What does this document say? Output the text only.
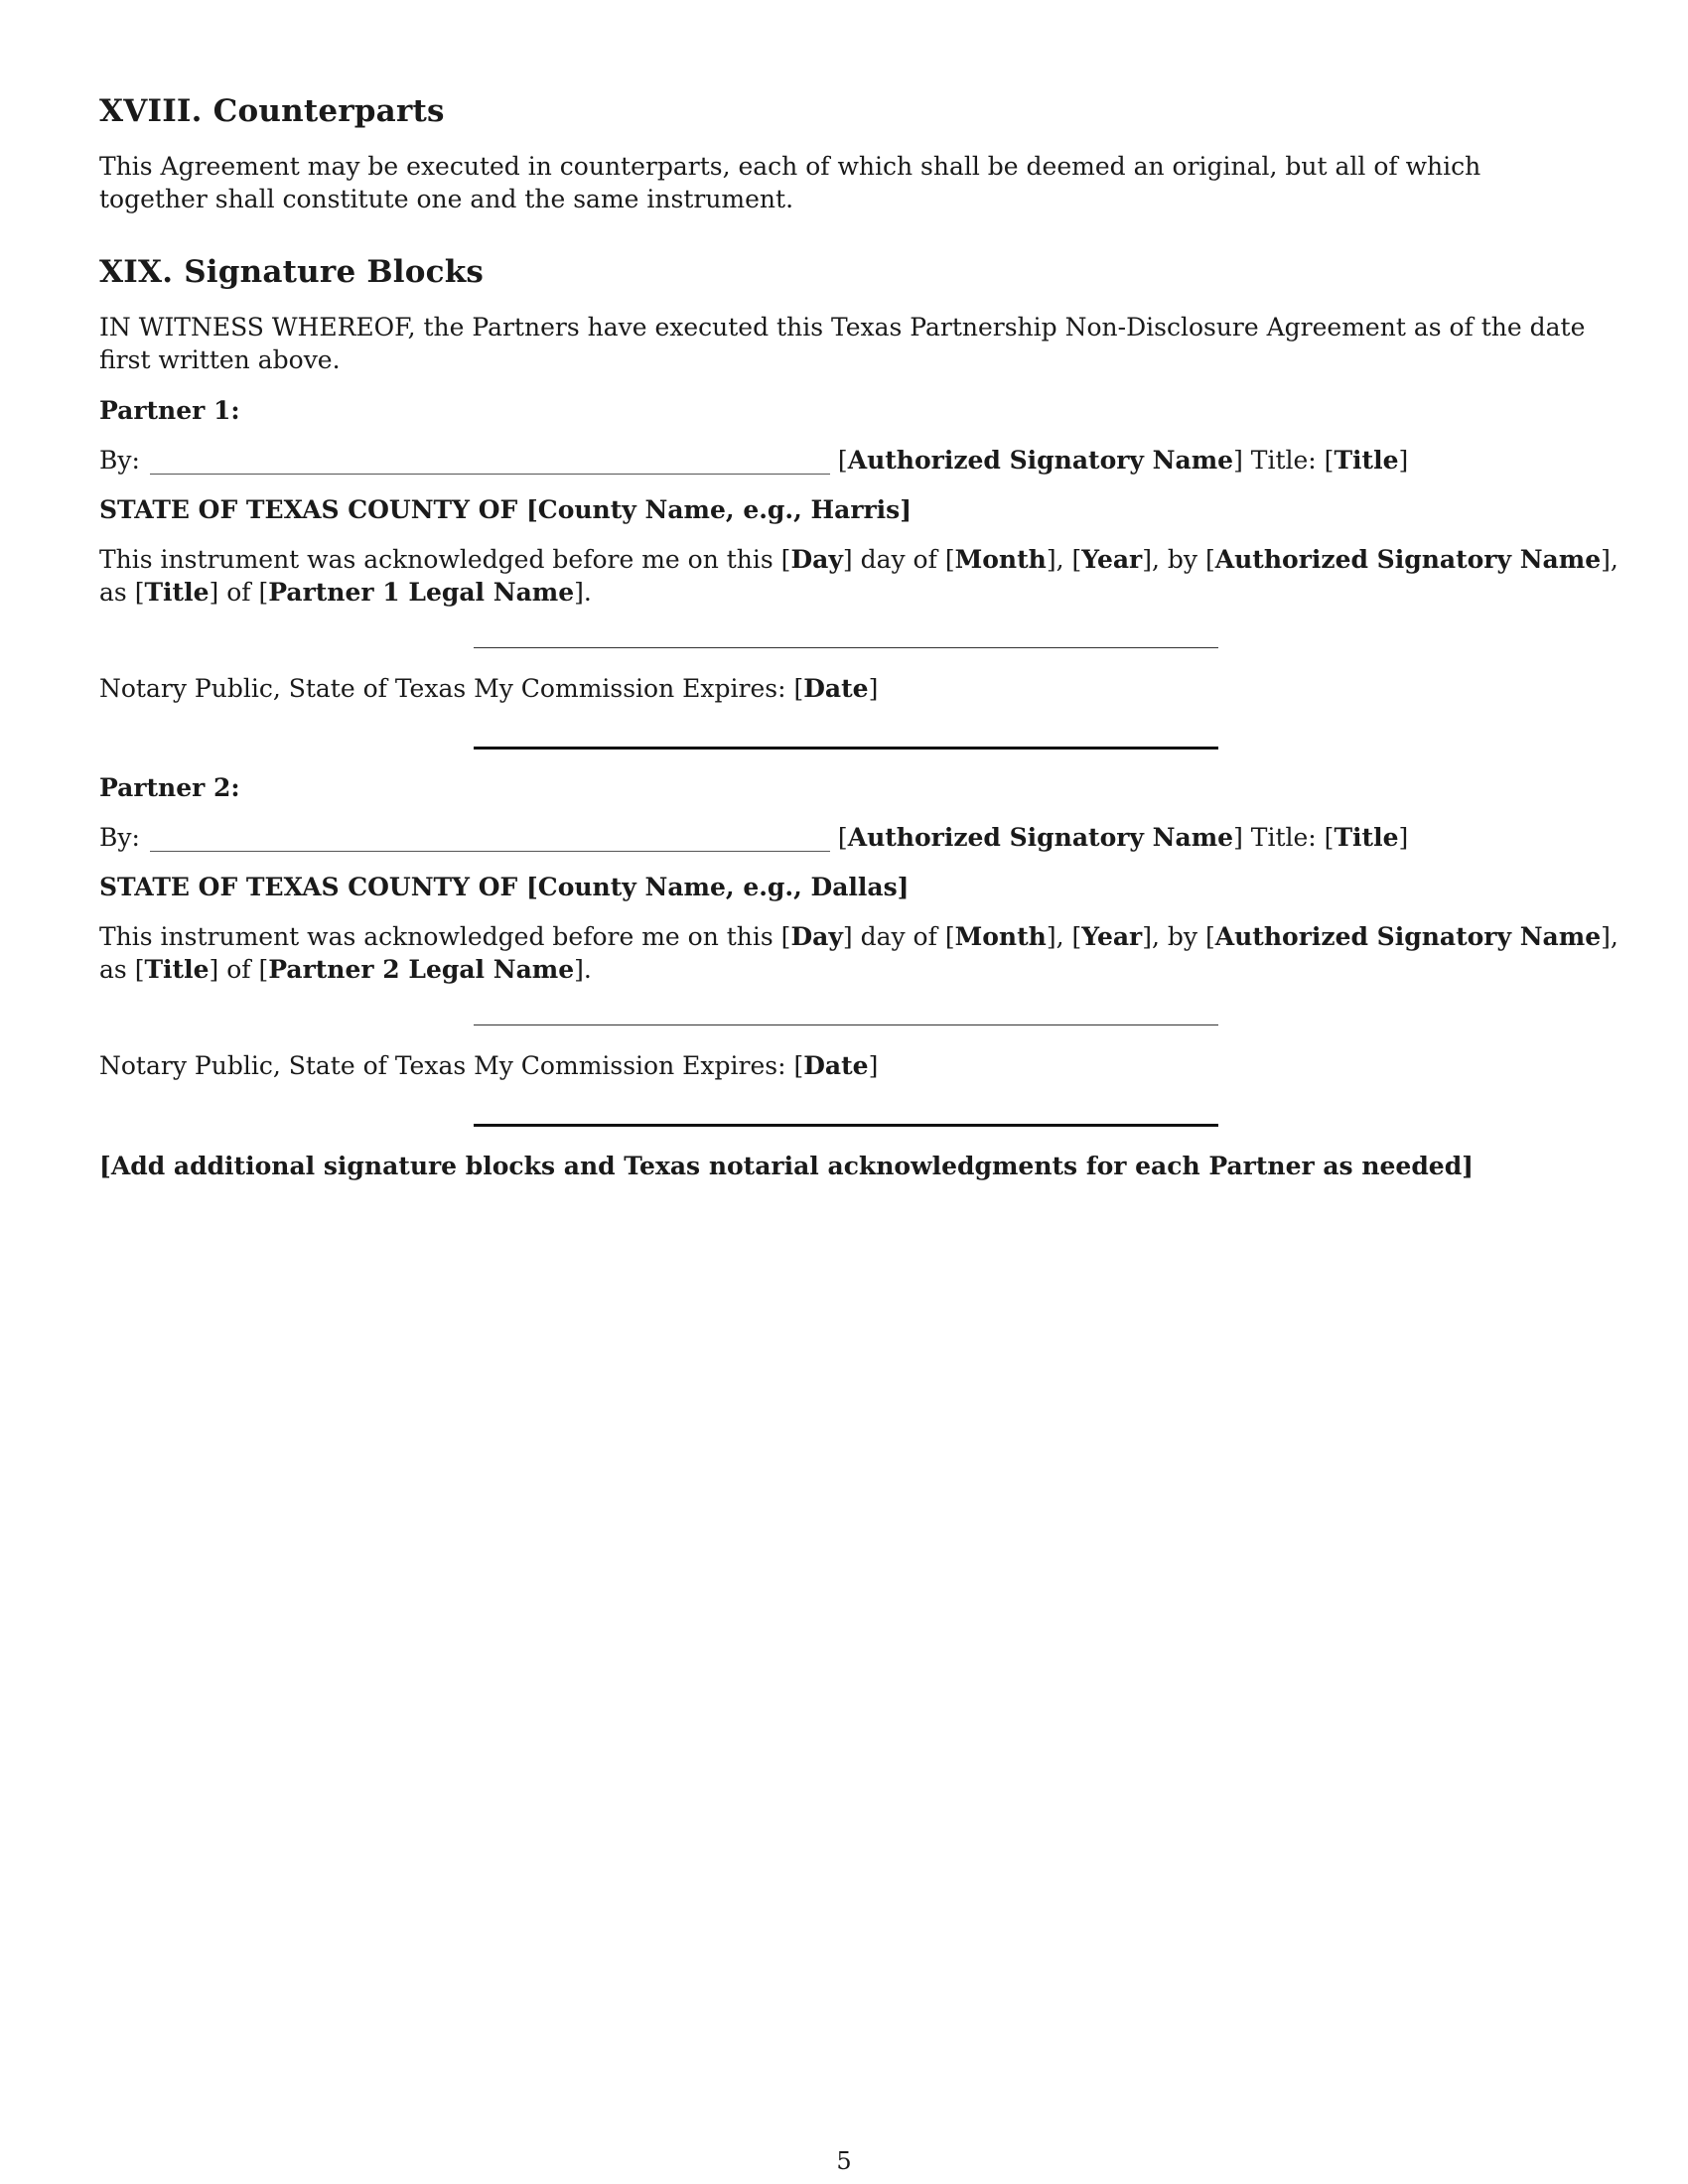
XVIII. Counterparts
This Agreement may be executed in counterparts, each of which shall be deemed an original, but all of which together shall constitute one and the same instrument.
XIX. Signature Blocks
IN WITNESS WHEREOF, the Partners have executed this Texas Partnership Non-Disclosure Agreement as of the date first written above.
Partner 1:
By:	[Authorized Signatory Name] Title: [Title]
STATE OF TEXAS COUNTY OF [County Name, e.g., Harris]
This instrument was acknowledged before me on this [Day] day of [Month], [Year], by [Authorized Signatory Name],
as [Title] of [Partner 1 Legal Name].
Notary Public, State of Texas My Commission Expires: [Date]
Partner 2:
By:	[Authorized Signatory Name] Title: [Title]
STATE OF TEXAS COUNTY OF [County Name, e.g., Dallas]
This instrument was acknowledged before me on this [Day] day of [Month], [Year], by [Authorized Signatory Name],
as [Title] of [Partner 2 Legal Name].
Notary Public, State of Texas My Commission Expires: [Date]
[Add additional signature blocks and Texas notarial acknowledgments for each Partner as needed]
5
